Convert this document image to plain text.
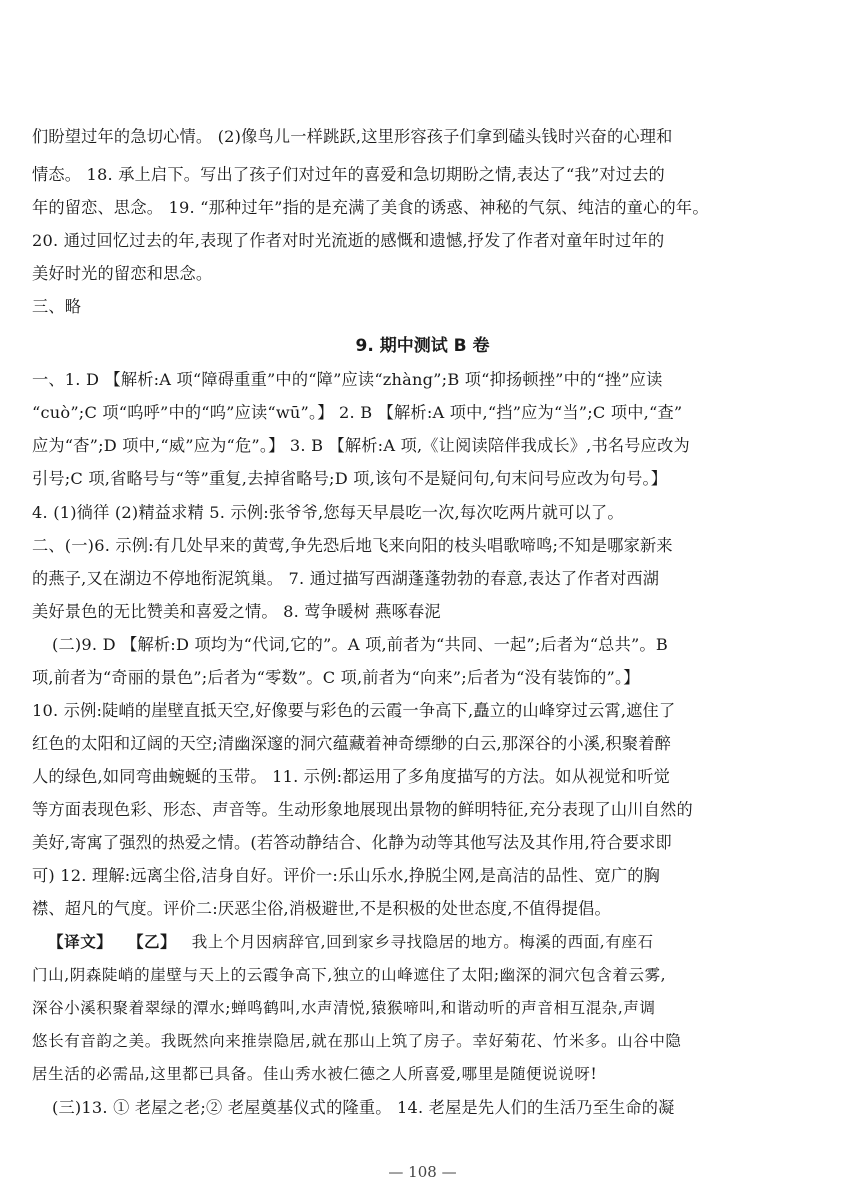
们盼望过年的急切心情。 (2)像鸟儿一样跳跃,这里形容孩子们拿到磕头钱时兴奋的心理和
情态。 18. 承上启下。写出了孩子们对过年的喜爱和急切期盼之情,表达了“我”对过去的
年的留恋、思念。 19. “那种过年”指的是充满了美食的诱惑、神秘的气氛、纯洁的童心的年。
20. 通过回忆过去的年,表现了作者对时光流逝的感慨和遗憾,抒发了作者对童年时过年的
美好时光的留恋和思念。
三、略
9. 期中测试 B 卷
一、1. D 【解析:A 项“障碍重重”中的“障”应读“zhàng”;B 项“抑扬顿挫”中的“挫”应读
“cuò”;C 项“呜呼”中的“呜”应读“wū”。】 2. B 【解析:A 项中,“挡”应为“当”;C 项中,“查”
应为“杳”;D 项中,“威”应为“危”。】 3. B 【解析:A 项,《让阅读陪伴我成长》,书名号应改为
引号;C 项,省略号与“等”重复,去掉省略号;D 项,该句不是疑问句,句末问号应改为句号。】
4. (1)徜徉 (2)精益求精 5. 示例:张爷爷,您每天早晨吃一次,每次吃两片就可以了。
二、(一)6. 示例:有几处早来的黄莺,争先恐后地飞来向阳的枝头唱歌啼鸣;不知是哪家新来
的燕子,又在湖边不停地衔泥筑巢。 7. 通过描写西湖蓬蓬勃勃的春意,表达了作者对西湖
美好景色的无比赞美和喜爱之情。 8. 莺争暖树 燕啄春泥
(二)9. D 【解析:D 项均为“代词,它的”。A 项,前者为“共同、一起”;后者为“总共”。B
项,前者为“奇丽的景色”;后者为“零数”。C 项,前者为“向来”;后者为“没有装饰的”。】
10. 示例:陡峭的崖壁直抵天空,好像要与彩色的云霞一争高下,矗立的山峰穿过云霄,遮住了
红色的太阳和辽阔的天空;清幽深邃的洞穴蕴藏着神奇缥缈的白云,那深谷的小溪,积聚着醉
人的绿色,如同弯曲蜿蜒的玉带。 11. 示例:都运用了多角度描写的方法。如从视觉和听觉
等方面表现色彩、形态、声音等。生动形象地展现出景物的鲜明特征,充分表现了山川自然的
美好,寄寓了强烈的热爱之情。(若答动静结合、化静为动等其他写法及其作用,符合要求即
可) 12. 理解:远离尘俗,洁身自好。评价一:乐山乐水,挣脱尘网,是高洁的品性、宽广的胸
襟、超凡的气度。评价二:厌恶尘俗,消极避世,不是积极的处世态度,不值得提倡。
【译文】 【乙】 我上个月因病辞官,回到家乡寻找隐居的地方。梅溪的西面,有座石
门山,阴森陡峭的崖壁与天上的云霞争高下,独立的山峰遮住了太阳;幽深的洞穴包含着云雾,
深谷小溪积聚着翠绿的潭水;蝉鸣鹤叫,水声清悦,猿猴啼叫,和谐动听的声音相互混杂,声调
悠长有音韵之美。我既然向来推崇隐居,就在那山上筑了房子。幸好菊花、竹米多。山谷中隐
居生活的必需品,这里都已具备。佳山秀水被仁德之人所喜爱,哪里是随便说说呀!
(三)13. ① 老屋之老;② 老屋奠基仪式的隆重。 14. 老屋是先人们的生活乃至生命的凝
— 108 —
